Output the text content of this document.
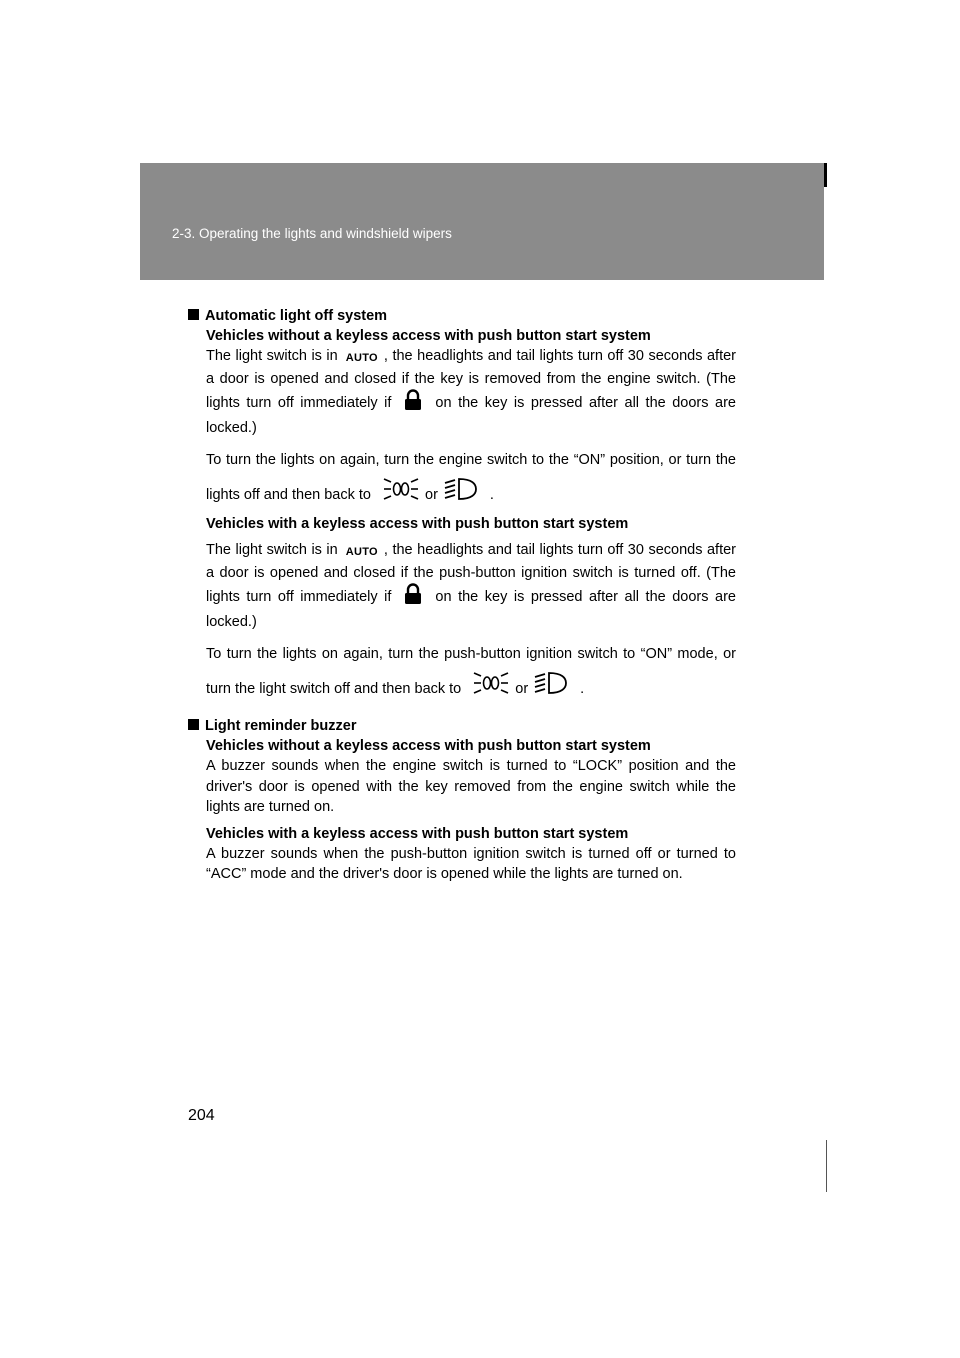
2-3. Operating the lights and windshield wipers

Automatic light off system

Vehicles without a keyless access with push button start system

The light switch is in AUTO , the headlights and tail lights turn off 30 seconds after a door is opened and closed if the key is removed from the engine switch. (The lights turn off immediately if	on the key is pressed after all the doors are locked.)

To turn the lights on again, turn the engine switch to the “ON” position, or turn the lights off and then back to	or	.

Vehicles with a keyless access with push button start system

The light switch is in AUTO , the headlights and tail lights turn off 30 seconds after a door is opened and closed if the push-button ignition switch is turned off. (The lights turn off immediately if	on the key is pressed after all the doors are locked.)

To turn the lights on again, turn the push-button ignition switch to “ON” mode, or turn the light switch off and then back to	or	.

Light reminder buzzer

Vehicles without a keyless access with push button start system

A buzzer sounds when the engine switch is turned to “LOCK” position and the driver's door is opened with the key removed from the engine switch while the lights are turned on.

Vehicles with a keyless access with push button start system

A buzzer sounds when the push-button ignition switch is turned off or turned to “ACC” mode and the driver's door is opened while the lights are turned on.

204
